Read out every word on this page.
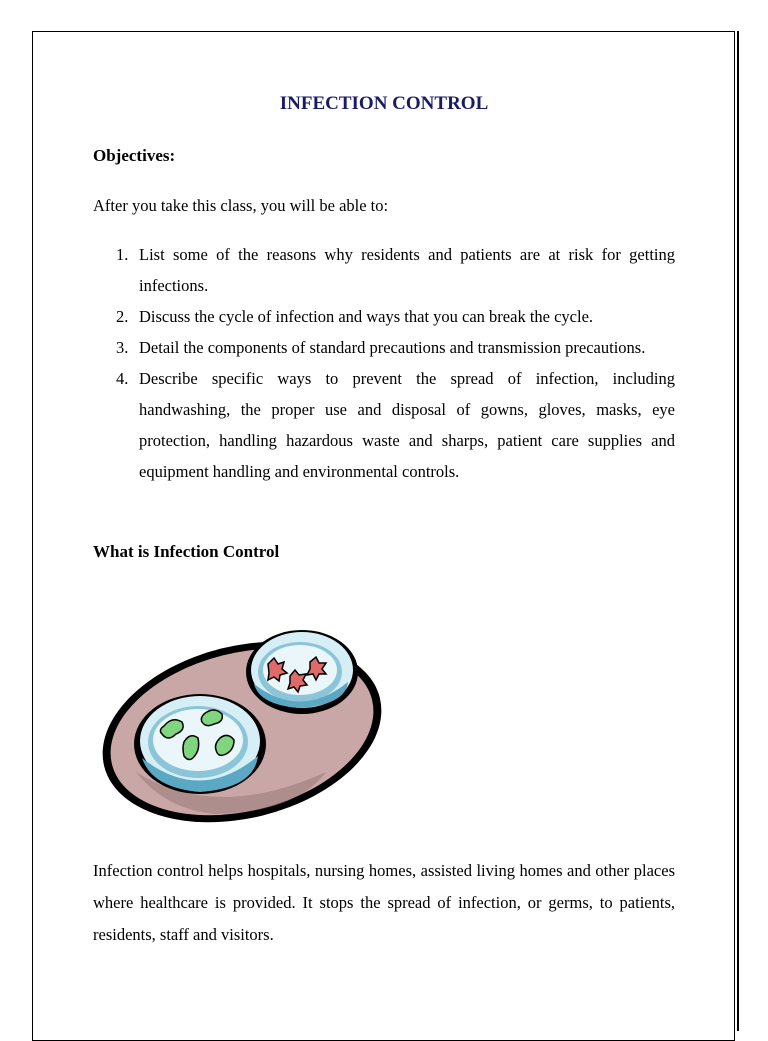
INFECTION CONTROL
Objectives:
After you take this class, you will be able to:
1. List some of the reasons why residents and patients are at risk for getting infections.
2. Discuss the cycle of infection and ways that you can break the cycle.
3. Detail the components of standard precautions and transmission precautions.
4. Describe specific ways to prevent the spread of infection, including handwashing, the proper use and disposal of gowns, gloves, masks, eye protection, handling hazardous waste and sharps, patient care supplies and equipment handling and environmental controls.
What is Infection Control
Infection control helps hospitals, nursing homes, assisted living homes and other places where healthcare is provided. It stops the spread of infection, or germs, to patients, residents, staff and visitors.
